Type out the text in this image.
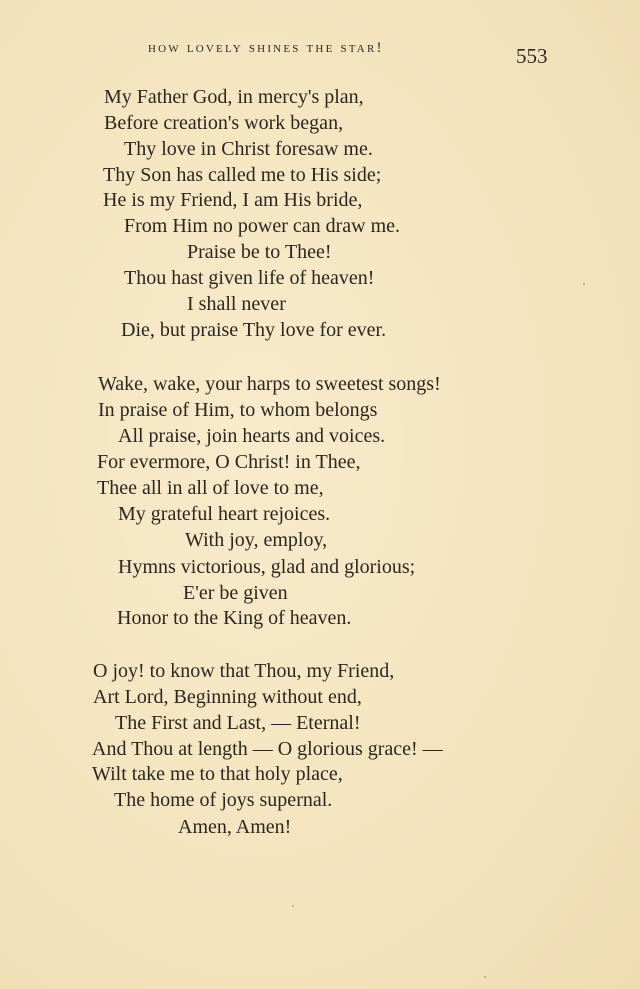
how lovely shines the star!	553
My Father God, in mercy's plan,
Before creation's work began,
Thy love in Christ foresaw me.
Thy Son has called me to His side;
He is my Friend, I am His bride,
From Him no power can draw me.
Praise be to Thee!
Thou hast given life of heaven!
I shall never
Die, but praise Thy love for ever.
Wake, wake, your harps to sweetest songs!
In praise of Him, to whom belongs
All praise, join hearts and voices.
For evermore, O Christ! in Thee,
Thee all in all of love to me,
My grateful heart rejoices.
With joy, employ,
Hymns victorious, glad and glorious;
E'er be given
Honor to the King of heaven.
O joy! to know that Thou, my Friend,
Art Lord, Beginning without end,
The First and Last, — Eternal!
And Thou at length — O glorious grace! —
Wilt take me to that holy place,
The home of joys supernal.
Amen, Amen!
